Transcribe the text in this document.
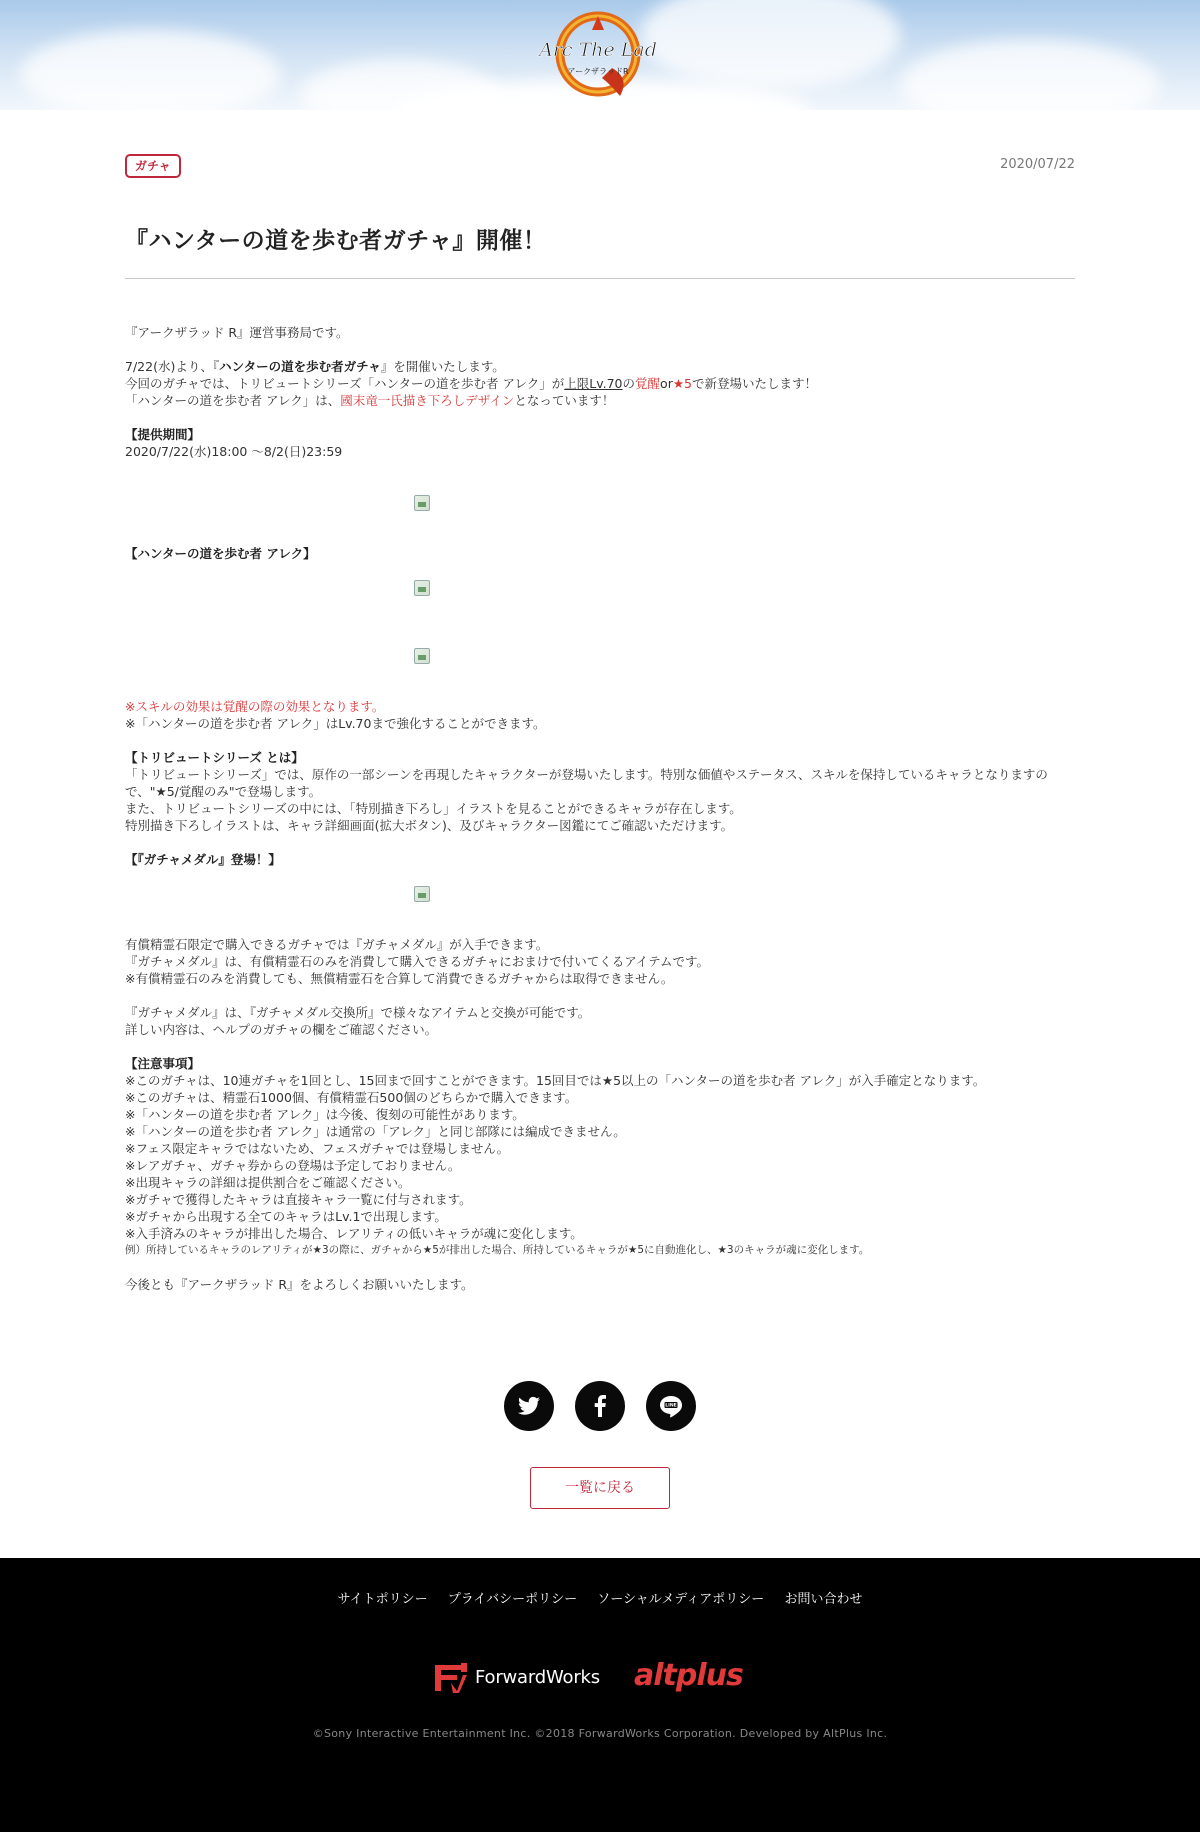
Arc The Lad
アークザラッドR
ガチャ	2020/07/22
『ハンターの道を歩む者ガチャ』開催！
『アークザラッド R』運営事務局です。
7/22(水)より、『ハンターの道を歩む者ガチャ』を開催いたします。
今回のガチャでは、トリビュートシリーズ「ハンターの道を歩む者 アレク」が上限Lv.70の覚醒or★5で新登場いたします！
「ハンターの道を歩む者 アレク」は、國末竜一氏描き下ろしデザインとなっています！
【提供期間】
2020/7/22(水)18:00 〜8/2(日)23:59
【ハンターの道を歩む者 アレク】
※スキルの効果は覚醒の際の効果となります。
※「ハンターの道を歩む者 アレク」はLv.70まで強化することができます。
【トリビュートシリーズ とは】
「トリビュートシリーズ」では、原作の一部シーンを再現したキャラクターが登場いたします。特別な価値やステータス、スキルを保持しているキャラとなりますの
で、"★5/覚醒のみ"で登場します。
また、トリビュートシリーズの中には、「特別描き下ろし」イラストを見ることができるキャラが存在します。
特別描き下ろしイラストは、キャラ詳細画面(拡大ボタン)、及びキャラクター図鑑にてご確認いただけます。
【『ガチャメダル』登場！】
有償精霊石限定で購入できるガチャでは『ガチャメダル』が入手できます。
『ガチャメダル』は、有償精霊石のみを消費して購入できるガチャにおまけで付いてくるアイテムです。
※有償精霊石のみを消費しても、無償精霊石を合算して消費できるガチャからは取得できません。
『ガチャメダル』は、『ガチャメダル交換所』で様々なアイテムと交換が可能です。
詳しい内容は、ヘルプのガチャの欄をご確認ください。
【注意事項】
※このガチャは、10連ガチャを1回とし、15回まで回すことができます。15回目では★5以上の「ハンターの道を歩む者 アレク」が入手確定となります。
※このガチャは、精霊石1000個、有償精霊石500個のどちらかで購入できます。
※「ハンターの道を歩む者 アレク」は今後、復刻の可能性があります。
※「ハンターの道を歩む者 アレク」は通常の「アレク」と同じ部隊には編成できません。
※フェス限定キャラではないため、フェスガチャでは登場しません。
※レアガチャ、ガチャ券からの登場は予定しておりません。
※出現キャラの詳細は提供割合をご確認ください。
※ガチャで獲得したキャラは直接キャラ一覧に付与されます。
※ガチャから出現する全てのキャラはLv.1で出現します。
※入手済みのキャラが排出した場合、レアリティの低いキャラが魂に変化します。
例）所持しているキャラのレアリティが★3の際に、ガチャから★5が排出した場合、所持しているキャラが★5に自動進化し、★3のキャラが魂に変化します。
今後とも『アークザラッド R』をよろしくお願いいたします。
LINE
一覧に戻る
サイトポリシー プライバシーポリシー ソーシャルメディアポリシー お問い合わせ
ForwardWorks altplus
©Sony Interactive Entertainment Inc. ©2018 ForwardWorks Corporation. Developed by AltPlus Inc.
